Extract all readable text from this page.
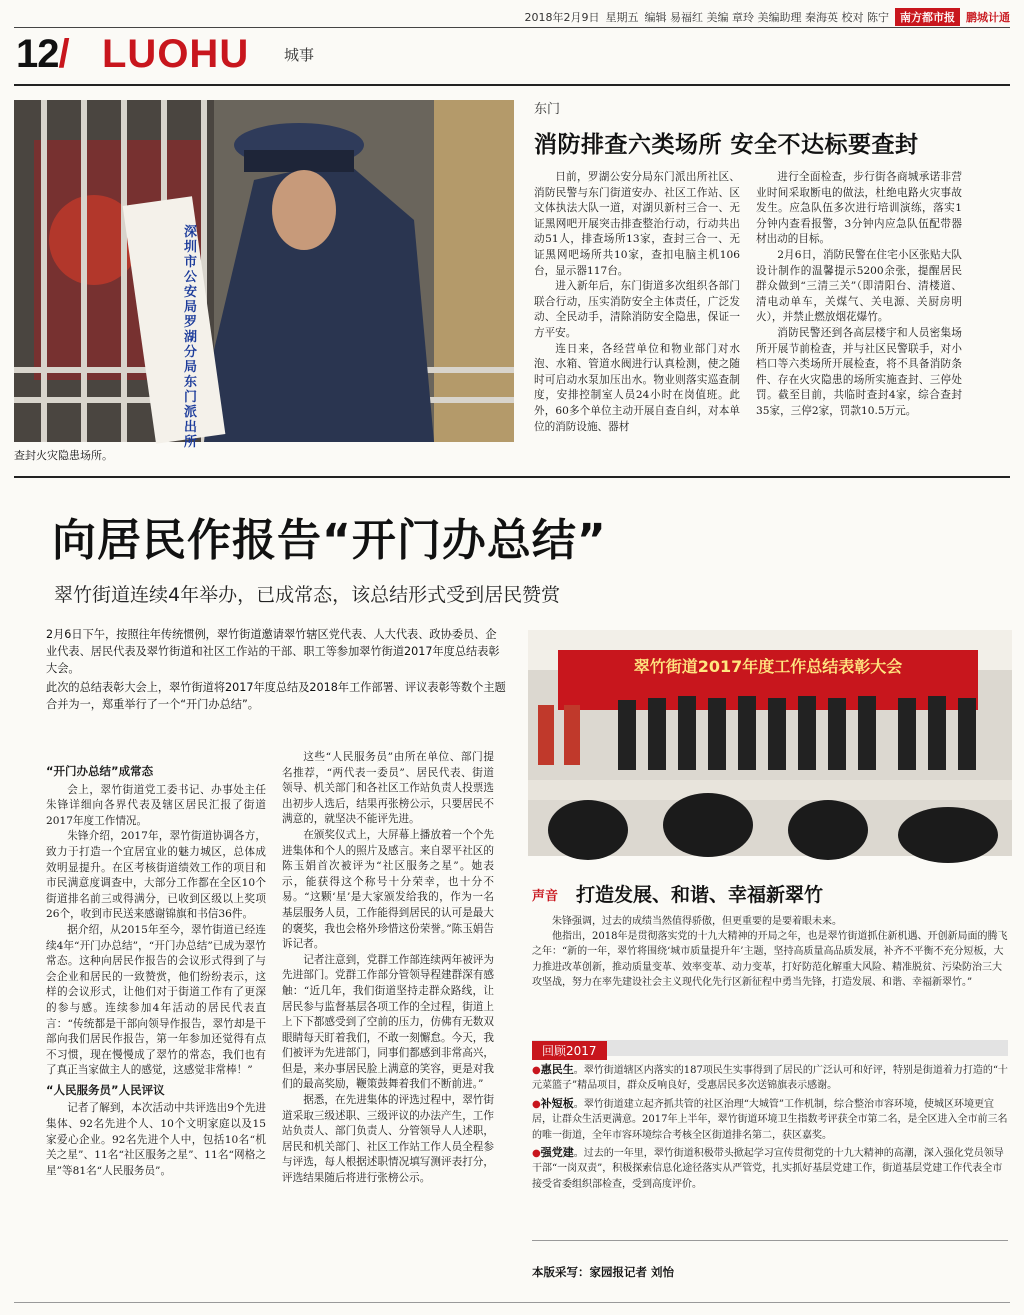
2018年2月9日 星期五 编辑 易福红 美编 章玲 美编助理 秦海英 校对 陈宁	南方都市报	鹏城计通
12/ LUOHU 城事
深圳市公安局罗湖分局东门派出所
查封火灾隐患场所。
东门
消防排查六类场所 安全不达标要查封

日前，罗湖公安分局东门派出所社区、消防民警与东门街道安办、社区工作站、区文体执法大队一道，对湖贝新村三合一、无证黑网吧开展突击排查整治行动，行动共出动51人，排查场所13家，查封三合一、无证黑网吧场所共10家，查扣电脑主机106台，显示器117台。

进入新年后，东门街道多次组织各部门联合行动，压实消防安全主体责任，广泛发动、全民动手，清除消防安全隐患，保证一方平安。

连日来，各经营单位和物业部门对水泡、水箱、管道水阀进行认真检测，使之随时可启动水泵加压出水。物业则落实巡查制度，安排控制室人员24小时在岗值班。此外，60多个单位主动开展自查自纠，对本单位的消防设施、器材

进行全面检查，步行街各商城承诺非营业时间采取断电的做法，杜绝电路火灾事故发生。应急队伍多次进行培训演练，落实1分钟内查看报警，3分钟内应急队伍配带器材出动的目标。

2月6日，消防民警在住宅小区张贴大队设计制作的温馨提示5200余张，提醒居民群众做到“三清三关”（即清阳台、清楼道、清电动单车，关煤气、关电源、关厨房明火），并禁止燃放烟花爆竹。

消防民警还到各高层楼宇和人员密集场所开展节前检查，并与社区民警联手，对小档口等六类场所开展检查，将不具备消防条件、存在火灾隐患的场所实施查封、三停处罚。截至目前，共临时查封4家，综合查封35家，三停2家，罚款10.5万元。

向居民作报告“开门办总结”
翠竹街道连续4年举办，已成常态，该总结形式受到居民赞赏

2月6日下午，按照往年传统惯例，翠竹街道邀请翠竹辖区党代表、人大代表、政协委员、企业代表、居民代表及翠竹街道和社区工作站的干部、职工等参加翠竹街道2017年度总结表彰大会。

此次的总结表彰大会上，翠竹街道将2017年度总结及2018年工作部署、评议表彰等数个主题合并为一，郑重举行了一个“开门办总结”。

翠竹街道2017年度工作总结表彰大会

“开门办总结”成常态

会上，翠竹街道党工委书记、办事处主任朱锋详细向各界代表及辖区居民汇报了街道2017年度工作情况。

朱锋介绍，2017年，翠竹街道协调各方，致力于打造一个宜居宜业的魅力城区，总体成效明显提升。在区考核街道绩效工作的项目和市民满意度调查中，大部分工作都在全区10个街道排名前三或得满分，已收到区级以上奖项26个，收到市民送来感谢锦旗和书信36件。

据介绍，从2015年至今，翠竹街道已经连续4年“开门办总结”，“开门办总结”已成为翠竹常态。这种向居民作报告的会议形式得到了与会企业和居民的一致赞赏，他们纷纷表示，这样的会议形式，让他们对于街道工作有了更深的参与感。连续参加4年活动的居民代表直言：“传统都是干部向领导作报告，翠竹却是干部向我们居民作报告，第一年参加还觉得有点不习惯，现在慢慢成了翠竹的常态，我们也有了真正当家做主人的感觉，这感觉非常棒！”

“人民服务员”人民评议

记者了解到，本次活动中共评选出9个先进集体、92名先进个人、10个文明家庭以及15家爱心企业。92名先进个人中，包括10名“机关之星”、11名“社区服务之星”、11名“网格之星”等81名“人民服务员”。

这些“人民服务员”由所在单位、部门提名推荐，“两代表一委员”、居民代表、街道领导、机关部门和各社区工作站负责人投票选出初步人选后，结果再张榜公示，只要居民不满意的，就坚决不能评先进。

在颁奖仪式上，大屏幕上播放着一个个先进集体和个人的照片及感言。来自翠平社区的陈玉娟首次被评为“社区服务之星”。她表示，能获得这个称号十分荣幸，也十分不易。“这颗‘星’是大家颁发给我的，作为一名基层服务人员，工作能得到居民的认可是最大的褒奖，我也会格外珍惜这份荣誉。”陈玉娟告诉记者。

记者注意到，党群工作部连续两年被评为先进部门。党群工作部分管领导程建群深有感触：“近几年，我们街道坚持走群众路线，让居民参与监督基层各项工作的全过程，街道上上下下都感受到了空前的压力，仿佛有无数双眼睛每天盯着我们，不敢一刻懈怠。今天，我们被评为先进部门，同事们都感到非常高兴，但是，来办事居民脸上满意的笑容，更是对我们的最高奖励，鞭策鼓舞着我们不断前进。”

据悉，在先进集体的评选过程中，翠竹街道采取三级述职、三级评议的办法产生，工作站负责人、部门负责人、分管领导人人述职，居民和机关部门、社区工作站工作人员全程参与评选，每人根据述职情况填写测评表打分，评选结果随后将进行张榜公示。

声音 打造发展、和谐、幸福新翠竹

朱锋强调，过去的成绩当然值得骄傲，但更重要的是要着眼未来。

他指出，2018年是贯彻落实党的十九大精神的开局之年，也是翠竹街道抓住新机遇、开创新局面的腾飞之年：“新的一年，翠竹将围绕‘城市质量提升年’主题，坚持高质量高品质发展，补齐不平衡不充分短板，大力推进改革创新，推动质量变革、效率变革、动力变革，打好防范化解重大风险、精准脱贫、污染防治三大攻坚战，努力在率先建设社会主义现代化先行区新征程中勇当先锋，打造发展、和谐、幸福新翠竹。”

回顾2017
●惠民生。翠竹街道辖区内落实的187项民生实事得到了居民的广泛认可和好评，特别是街道着力打造的“十元菜篮子”精品项目，群众反响良好，受惠居民多次送锦旗表示感谢。
●补短板。翠竹街道建立起齐抓共管的社区治理“大城管”工作机制，综合整治市容环境，使城区环境更宜居，让群众生活更满意。2017年上半年，翠竹街道环境卫生指数考评获全市第二名，是全区进入全市前三名的唯一街道，全年市容环境综合考核全区街道排名第二，获区嘉奖。
●强党建。过去的一年里，翠竹街道积极带头掀起学习宣传贯彻党的十九大精神的高潮，深入强化党员领导干部“一岗双责”，积极探索信息化途径落实从严管党，扎实抓好基层党建工作，街道基层党建工作代表全市接受省委组织部检查，受到高度评价。
本版采写：家园报记者 刘怡
